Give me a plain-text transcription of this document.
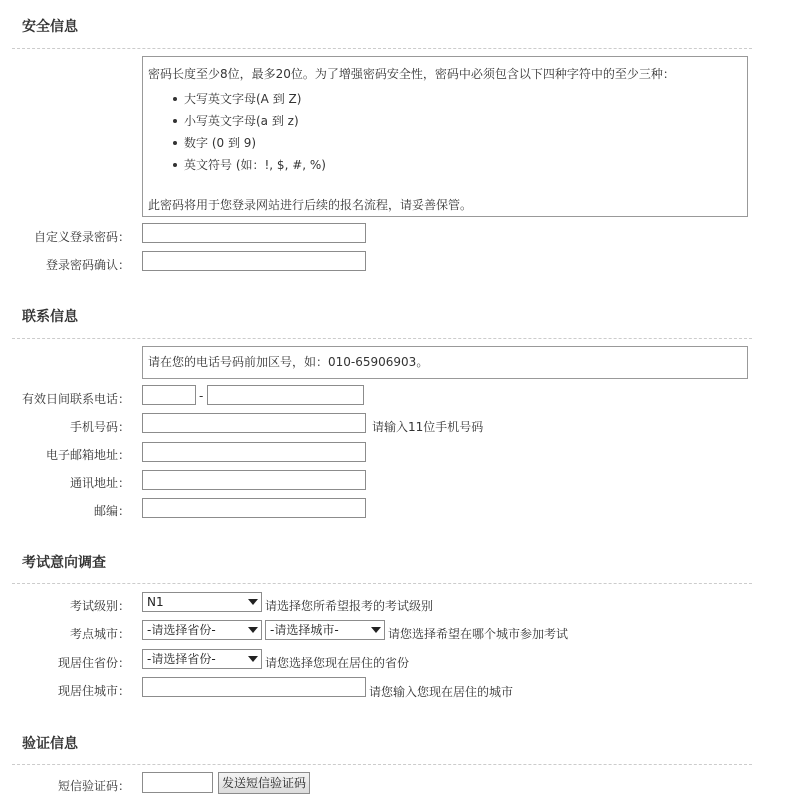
安全信息
密码长度至少8位，最多20位。为了增强密码安全性，密码中必须包含以下四种字符中的至少三种：
大写英文字母(A 到 Z)
小写英文字母(a 到 z)
数字 (0 到 9)
英文符号 (如：!, $, #, %)
此密码将用于您登录网站进行后续的报名流程，请妥善保管。
自定义登录密码：
登录密码确认：
联系信息
请在您的电话号码前加区号，如：010-65906903。
有效日间联系电话：	-
手机号码：	请输入11位手机号码
电子邮箱地址：
通讯地址：
邮编：
考试意向调查
考试级别： N1	请选择您所希望报考的考试级别
考点城市： -请选择省份-	-请选择城市-	请您选择希望在哪个城市参加考试
现居住省份： -请选择省份-	请您选择您现在居住的省份
现居住城市：	请您输入您现在居住的城市
验证信息
短信验证码：	发送短信验证码
